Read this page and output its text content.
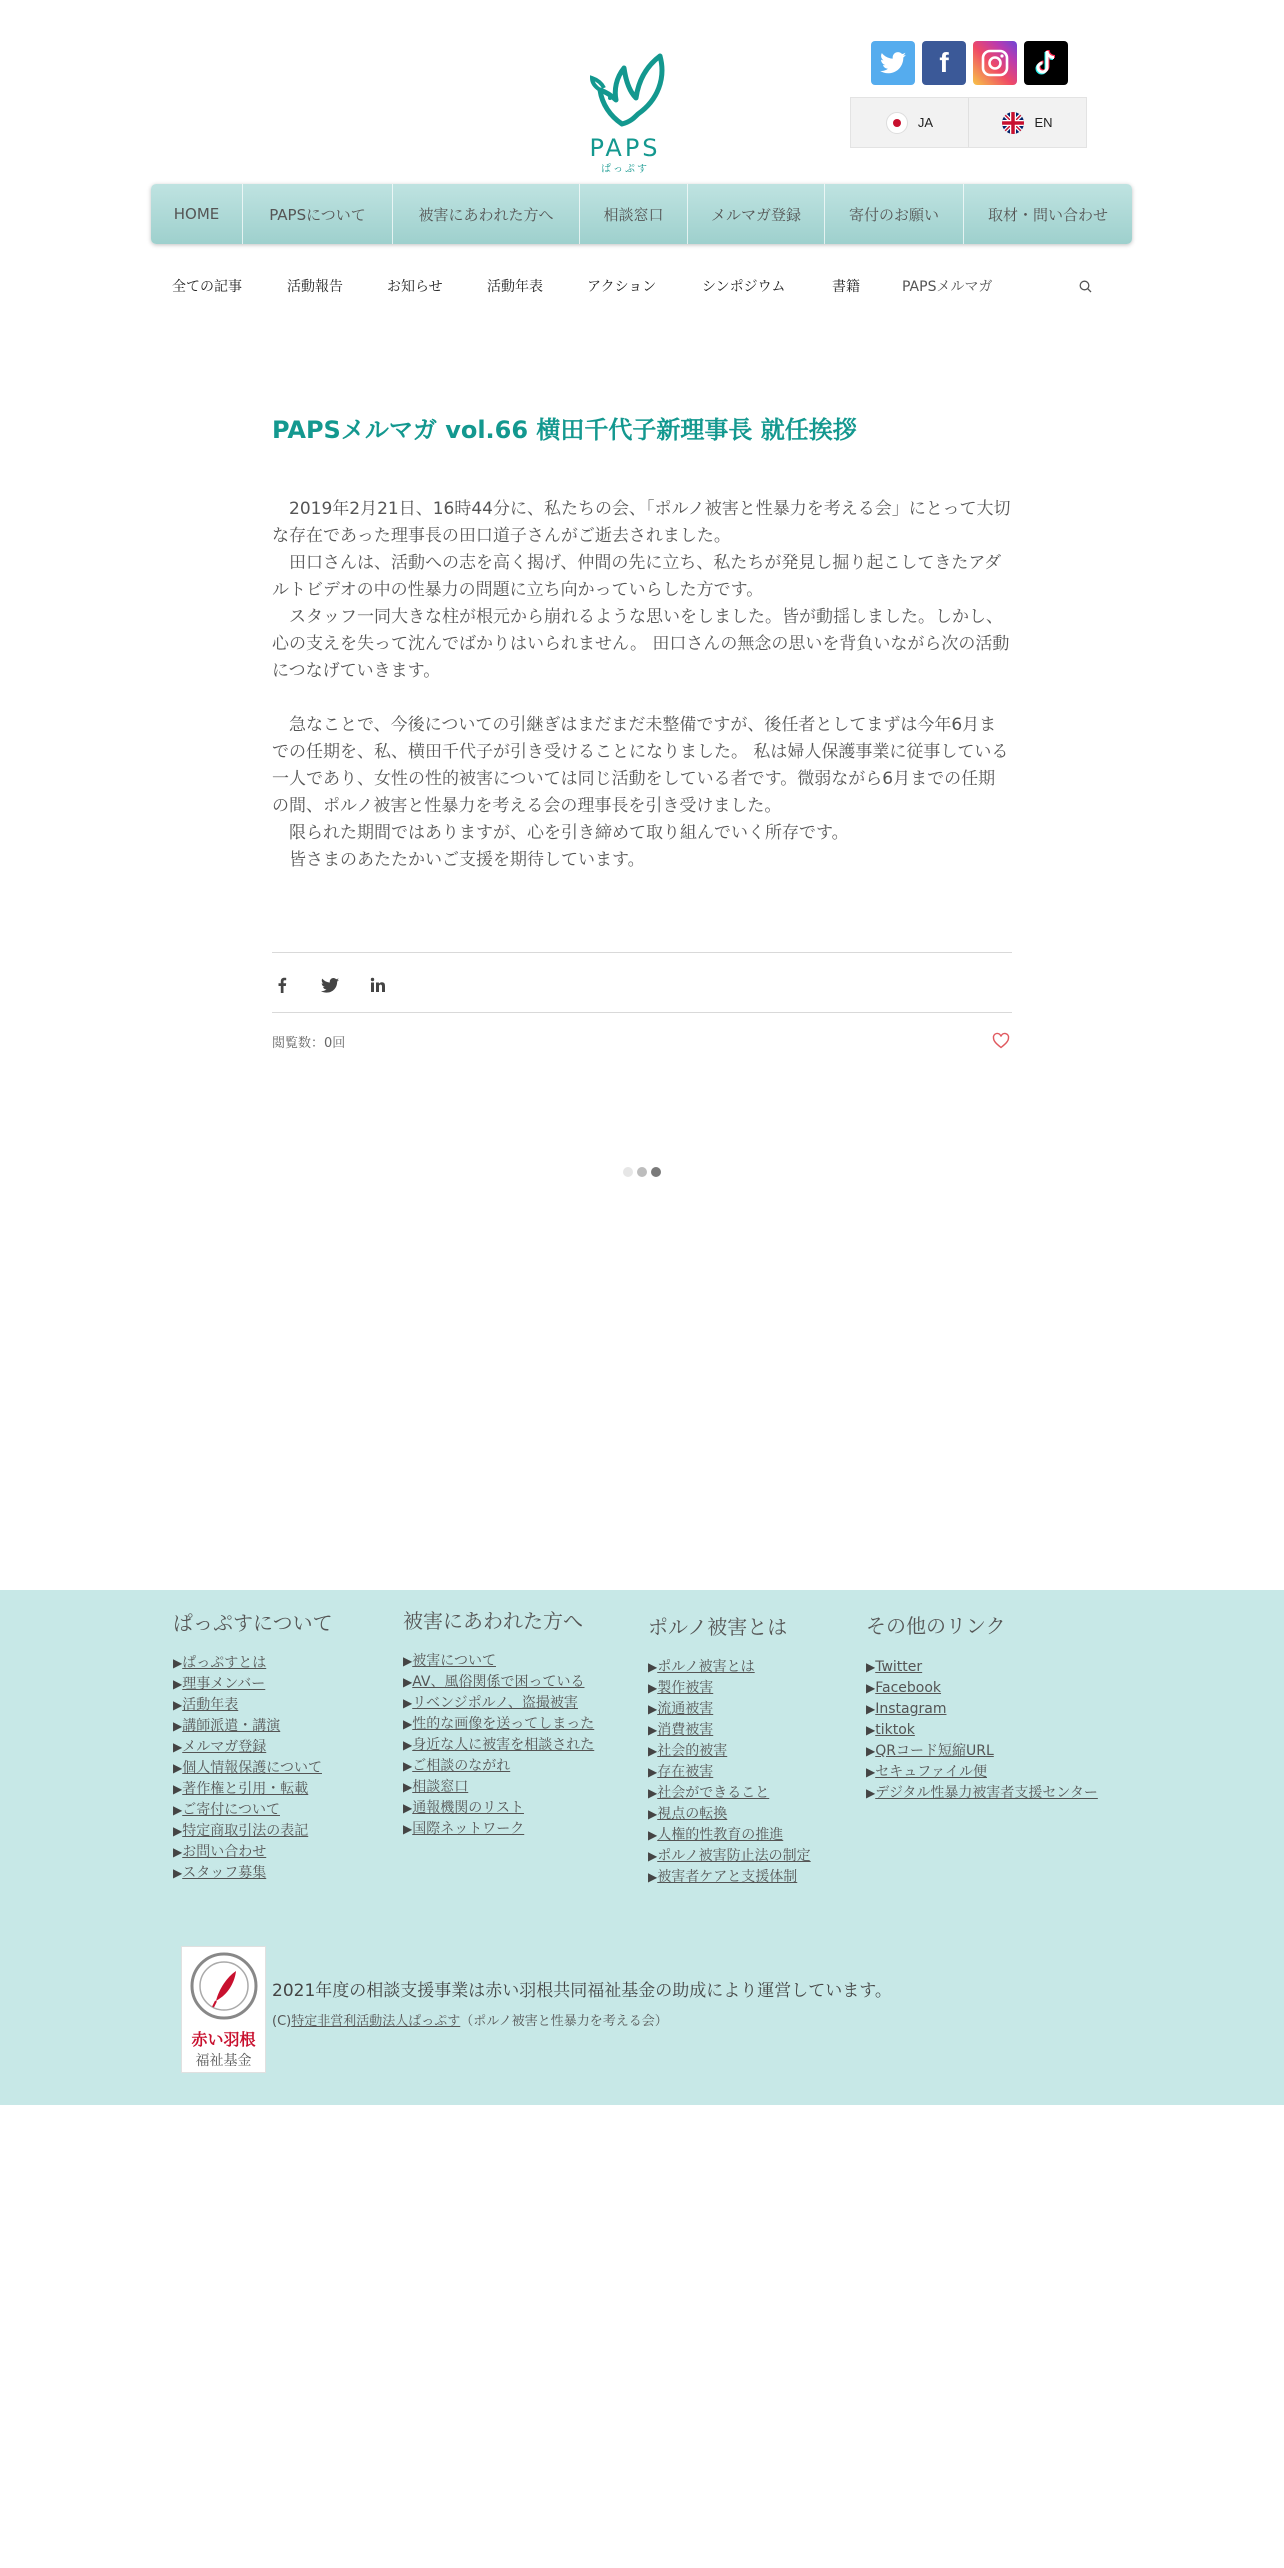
PAPS
ぱっぷす
f
JA	EN
HOME	PAPSについて	被害にあわれた方へ	相談窓口	メルマガ登録	寄付のお願い	取材・問い合わせ
全ての記事	活動報告	お知らせ	活動年表	アクション	シンポジウム	書籍	PAPSメルマガ
PAPSメルマガ vol.66 横田千代子新理事長 就任挨拶

　2019年2月21日、16時44分に、私たちの会、「ポルノ被害と性暴力を考える会」にとって大切な存在であった理事長の田口道子さんがご逝去されました。

　田口さんは、活動への志を高く揭げ、仲間の先に立ち、私たちが発見し掘り起こしてきたアダルトビデオの中の性暴力の問題に立ち向かっていらした方です。

　スタッフ一同大きな柱が根元から崩れるような思いをしました。皆が動揺しました。しかし、心の支えを失って沈んでばかりはいられません。 田口さんの無念の思いを背負いながら次の活動につなげていきます。

　急なことで、今後についての引継ぎはまだまだ未整備ですが、後任者としてまずは今年6月までの任期を、私、横田千代子が引き受けることになりました。 私は婦人保護事業に従事している一人であり、女性の性的被害については同じ活動をしている者です。微弱ながら6月までの任期の間、ポルノ被害と性暴力を考える会の理事長を引き受けました。

　限られた期間ではありますが、心を引き締めて取り組んでいく所存です。

　皆さまのあたたかいご支援を期待しています。

閲覧数：0回
ぱっぷすについて
▶ぱっぷすとは
▶理事メンバー
▶活動年表
▶講師派遣・講演
▶メルマガ登録
▶個人情報保護について
▶著作権と引用・転載
▶ご寄付について
▶特定商取引法の表記
▶お問い合わせ
▶スタッフ募集
被害にあわれた方へ
▶被害について
▶AV、風俗関係で困っている
▶リベンジポルノ、盗撮被害
▶性的な画像を送ってしまった
▶身近な人に被害を相談された
▶ご相談のながれ
▶相談窓口
▶通報機関のリスト
▶国際ネットワーク
ポルノ被害とは
▶ポルノ被害とは
▶製作被害
▶流通被害
▶消費被害
▶社会的被害
▶存在被害
▶社会ができること
▶視点の転換
▶人権的性教育の推進
▶ポルノ被害防止法の制定
▶被害者ケアと支援体制
その他のリンク
▶Twitter
▶Facebook
▶Instagram
▶tiktok
▶QRコード短縮URL
▶セキュファイル便
▶デジタル性暴力被害者支援センター
赤い羽根
福祉基金
2021年度の相談支援事業は赤い羽根共同福祉基金の助成により運営しています。
(C)特定非営利活動法人ぱっぷす（ポルノ被害と性暴力を考える会）
